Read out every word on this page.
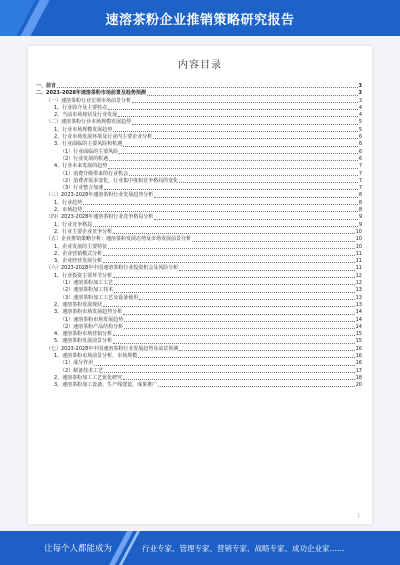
速溶茶粉企业推销策略研究报告
内容目录
一、前言	3
二、2023-2028年速溶茶粉市场前景及趋势预测	3
（一）速溶茶粉行业宏观市场前景分析	3
1、行业简介及主要特点	4
2、当前市场现状及行业发展	4
（二）速溶茶粉行业市场规模发展趋势	5
1、行业市场规模发展趋势	5
2、行业市场发展环境及行业内主要企业分析	6
3、行业面临的主要风险和机遇	6
（1）行业面临的主要风险	6
（2）行业发展的机遇	6
4、行业未来发展的趋势	7
（1）消费升级带来的行业机会	7
（2）消费者需求变化，行业集中度和竞争格局的变化	7
（3）行业整合加速	7
（三）2023-2028年速溶茶粉行业发展趋势分析	8
1、行业趋势	8
2、市场趋势	8
（四）2023-2028年速溶茶粉行业竞争格局分析	9
1、行业竞争格局	9
2、行业主要企业竞争分析	10
（五）企业推销策略分析：速溶茶粉发展态势及市场发展前景分析	10
1、企业发展的主要特征	10
2、企业营销模式分析	11
3、企业经营发展分析	11
（六）2023-2028年中国速溶茶粉行业投资机会及风险分析	11
1、行业投资主要环节分析	12
（1）速溶茶粉加工工艺	12
（2）速溶茶粉加工技术	13
（3）速溶茶粉加工工艺及设备使用	13
2、速溶茶粉发展现状	13
3、速溶茶粉市场发展趋势分析	14
（1）速溶茶粉市场发展趋势	14
（2）速溶茶粉产品结构分析	14
4、速溶茶粉市场营销分析	15
5、速溶茶粉发展前景分析	15
（七）2023-2028年中国速溶茶粉行业发展趋势及前景预测	16
1、速溶茶粉市场前景分析，市场规模	16
（1）成分作用	16
（2）制备技术工艺	17
2、速溶茶粉加工工艺优化研究	18
3、速溶茶粉加工设备、生产线建设、成果推广	20
1
让每个人都能成为	行业专家、管理专家、营销专家、战略专家、成功企业家……
